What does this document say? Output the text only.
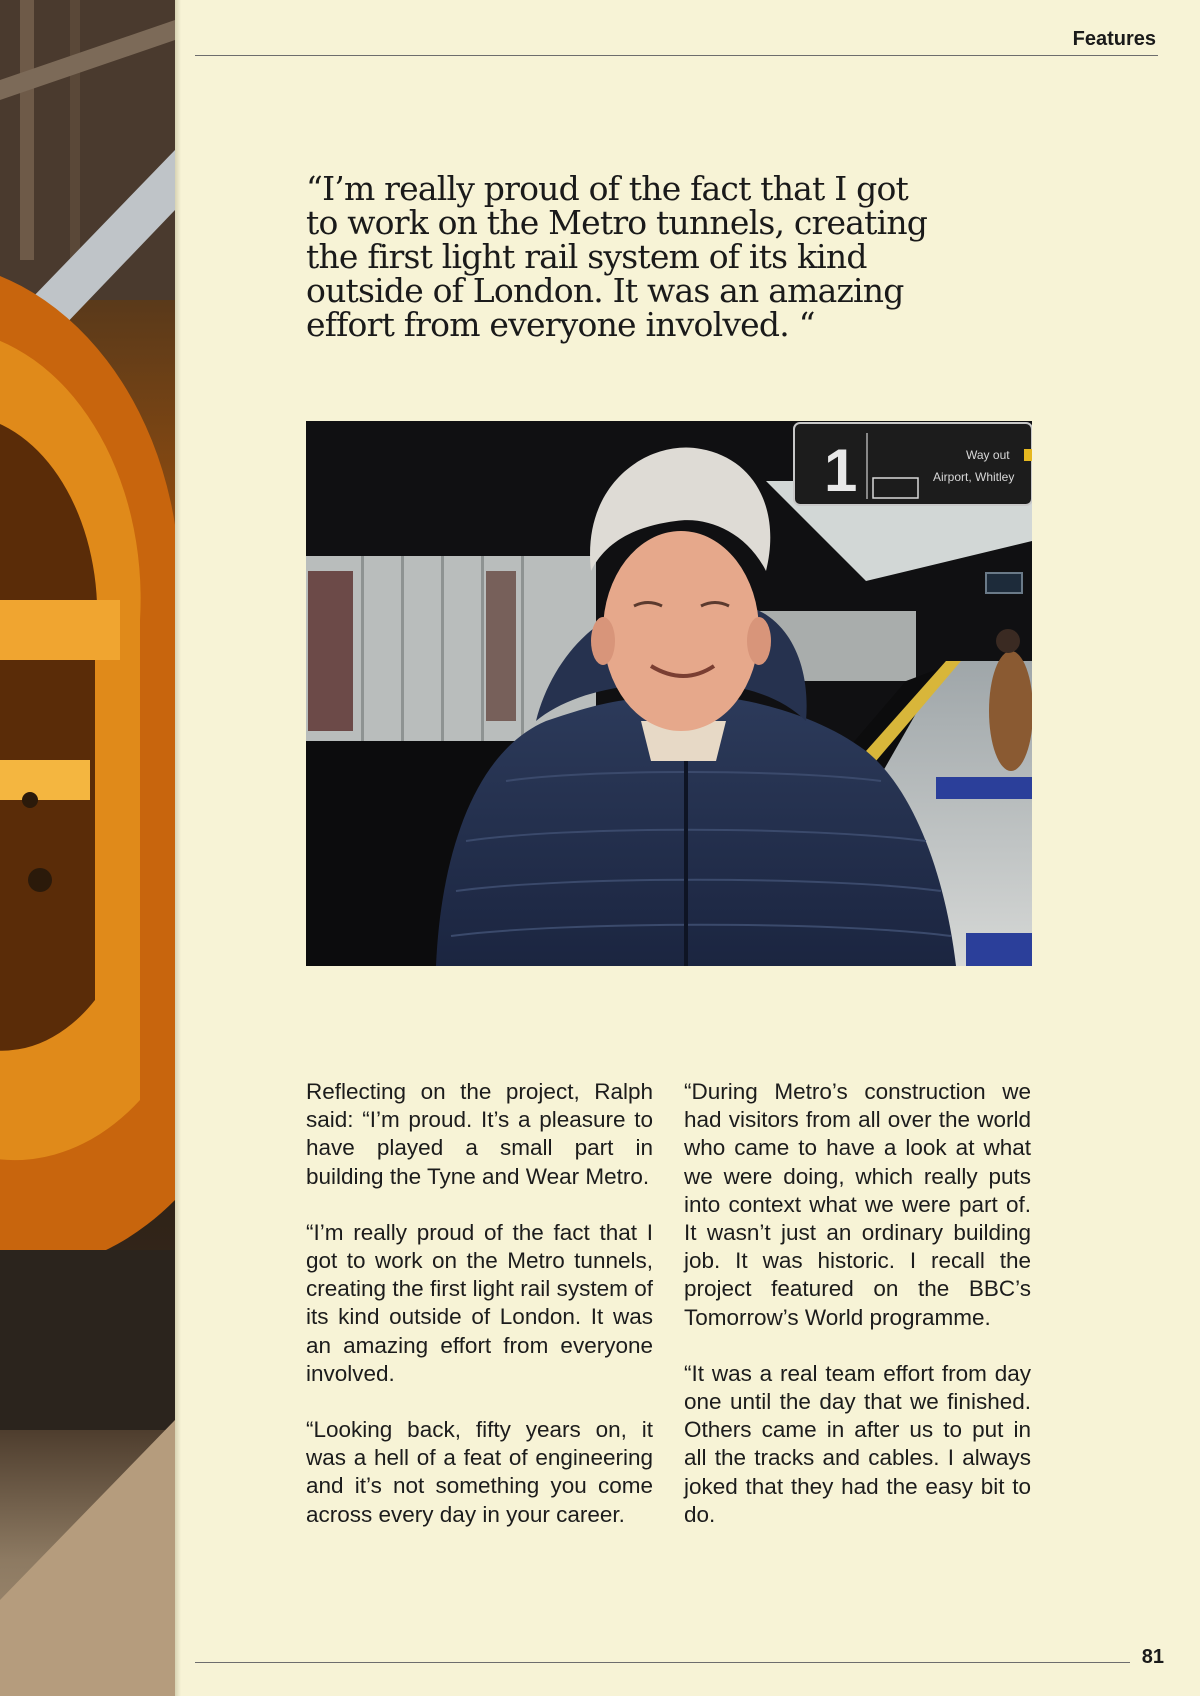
Features

“I’m really proud of the fact that I got to work on the Metro tunnels, creating the first light rail system of its kind outside of London. It was an amazing effort from everyone involved. “

1	Way out
Airport, Whitley

Reflecting on the project, Ralph said: “I’m proud. It’s a pleasure to have played a small part in building the Tyne and Wear Metro.

“I’m really proud of the fact that I got to work on the Metro tunnels, creating the first light rail system of its kind outside of London. It was an amazing effort from everyone involved.

“Looking back, fifty years on, it was a hell of a feat of engineering and it’s not something you come across every day in your career.

“During Metro’s construction we had visitors from all over the world who came to have a look at what we were doing, which really puts into context what we were part of. It wasn’t just an ordinary building job. It was historic. I recall the project featured on the BBC’s Tomorrow’s World programme.

“It was a real team effort from day one until the day that we finished. Others came in after us to put in all the tracks and cables. I always joked that they had the easy bit to do.

81
